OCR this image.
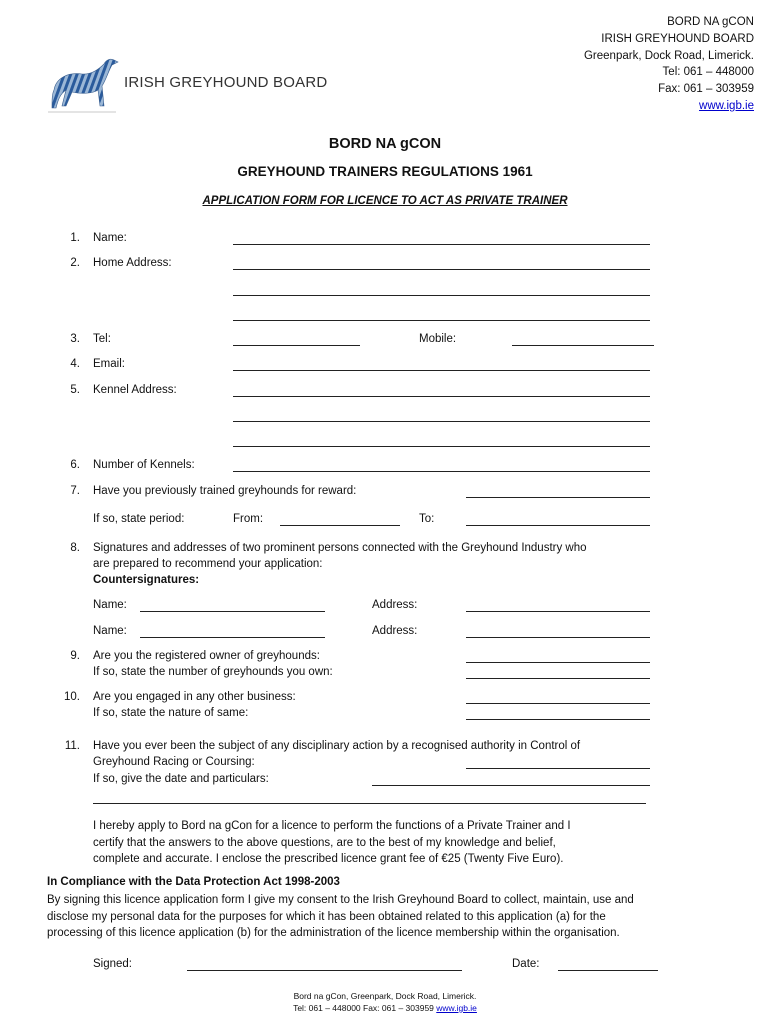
IRISH GREYHOUND BOARD
BORD NA gCON
IRISH GREYHOUND BOARD
Greenpark, Dock Road, Limerick.
Tel: 061 – 448000
Fax: 061 – 303959
www.igb.ie
BORD NA gCON
GREYHOUND TRAINERS REGULATIONS 1961
APPLICATION FORM FOR LICENCE TO ACT AS PRIVATE TRAINER
1. Name:
2. Home Address:
3. Tel:	Mobile:
4. Email:
5. Kennel Address:
6. Number of Kennels:
7. Have you previously trained greyhounds for reward:
If so, state period:	From:	To:
8. Signatures and addresses of two prominent persons connected with the Greyhound Industry who
are prepared to recommend your application:
Countersignatures:
Name:	Address:
Name:	Address:
9. Are you the registered owner of greyhounds:
If so, state the number of greyhounds you own:
10. Are you engaged in any other business:
If so, state the nature of same:
11. Have you ever been the subject of any disciplinary action by a recognised authority in Control of
Greyhound Racing or Coursing:
If so, give the date and particulars:
I hereby apply to Bord na gCon for a licence to perform the functions of a Private Trainer and I
certify that the answers to the above questions, are to the best of my knowledge and belief,
complete and accurate. I enclose the prescribed licence grant fee of €25 (Twenty Five Euro).
In Compliance with the Data Protection Act 1998-2003
By signing this licence application form I give my consent to the Irish Greyhound Board to collect, maintain, use and
disclose my personal data for the purposes for which it has been obtained related to this application (a) for the
processing of this licence application (b) for the administration of the licence membership within the organisation.
Signed:	Date:
Bord na gCon, Greenpark, Dock Road, Limerick.
Tel: 061 – 448000 Fax: 061 – 303959 www.igb.ie
